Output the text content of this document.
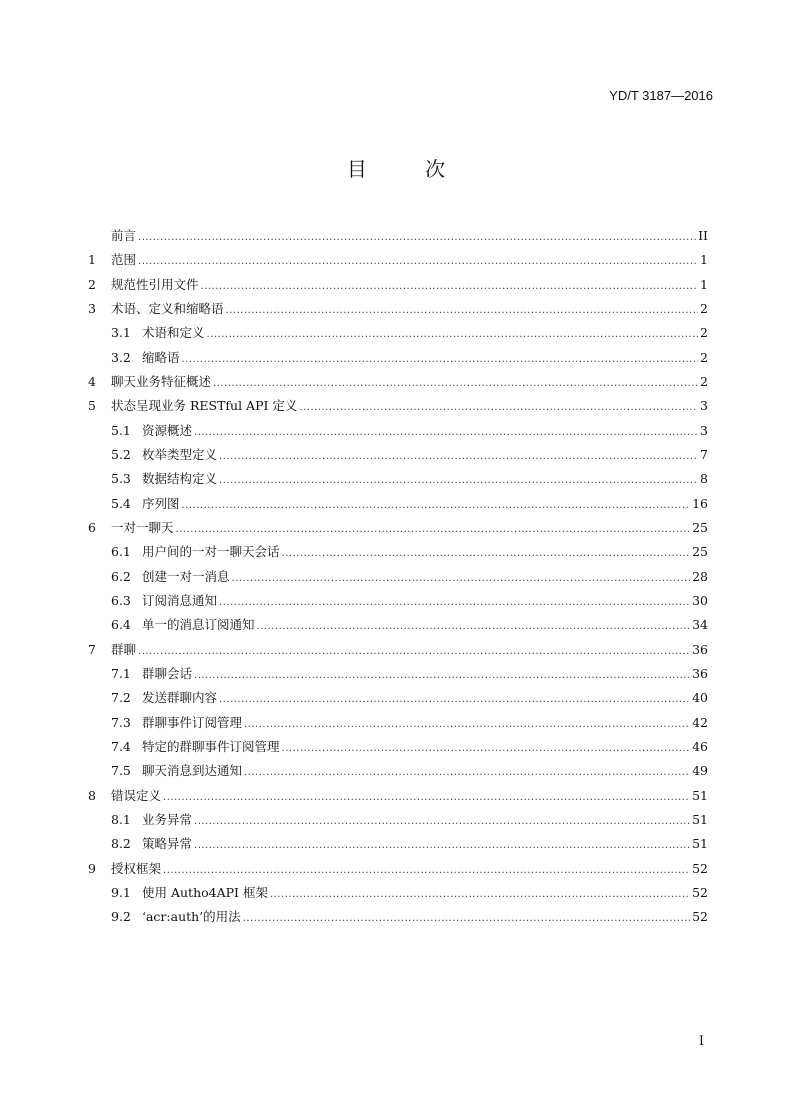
YD/T 3187—2016
目 次
前言 .....	II
1	范围 .....	1
2	规范性引用文件 .....	1
3	术语、定义和缩略语 .....	2
3.1 术语和定义 .....	2
3.2 缩略语 .....	2
4	聊天业务特征概述 .....	2
5	状态呈现业务 RESTful API 定义 .....	3
5.1 资源概述 .....	3
5.2 枚举类型定义 .....	7
5.3 数据结构定义 .....	8
5.4 序列图 .....	16
6	一对一聊天 .....	25
6.1 用户间的一对一聊天会话 .....	25
6.2 创建一对一消息 .....	28
6.3 订阅消息通知 .....	30
6.4 单一的消息订阅通知 .....	34
7	群聊 .....	36
7.1 群聊会话 .....	36
7.2 发送群聊内容 .....	40
7.3 群聊事件订阅管理 .....	42
7.4 特定的群聊事件订阅管理 .....	46
7.5 聊天消息到达通知 .....	49
8	错误定义 .....	51
8.1 业务异常 .....	51
8.2 策略异常 .....	51
9	授权框架 .....	52
9.1 使用 Autho4API 框架 .....	52
9.2 ‘acr:auth’的用法 .....	52
I
